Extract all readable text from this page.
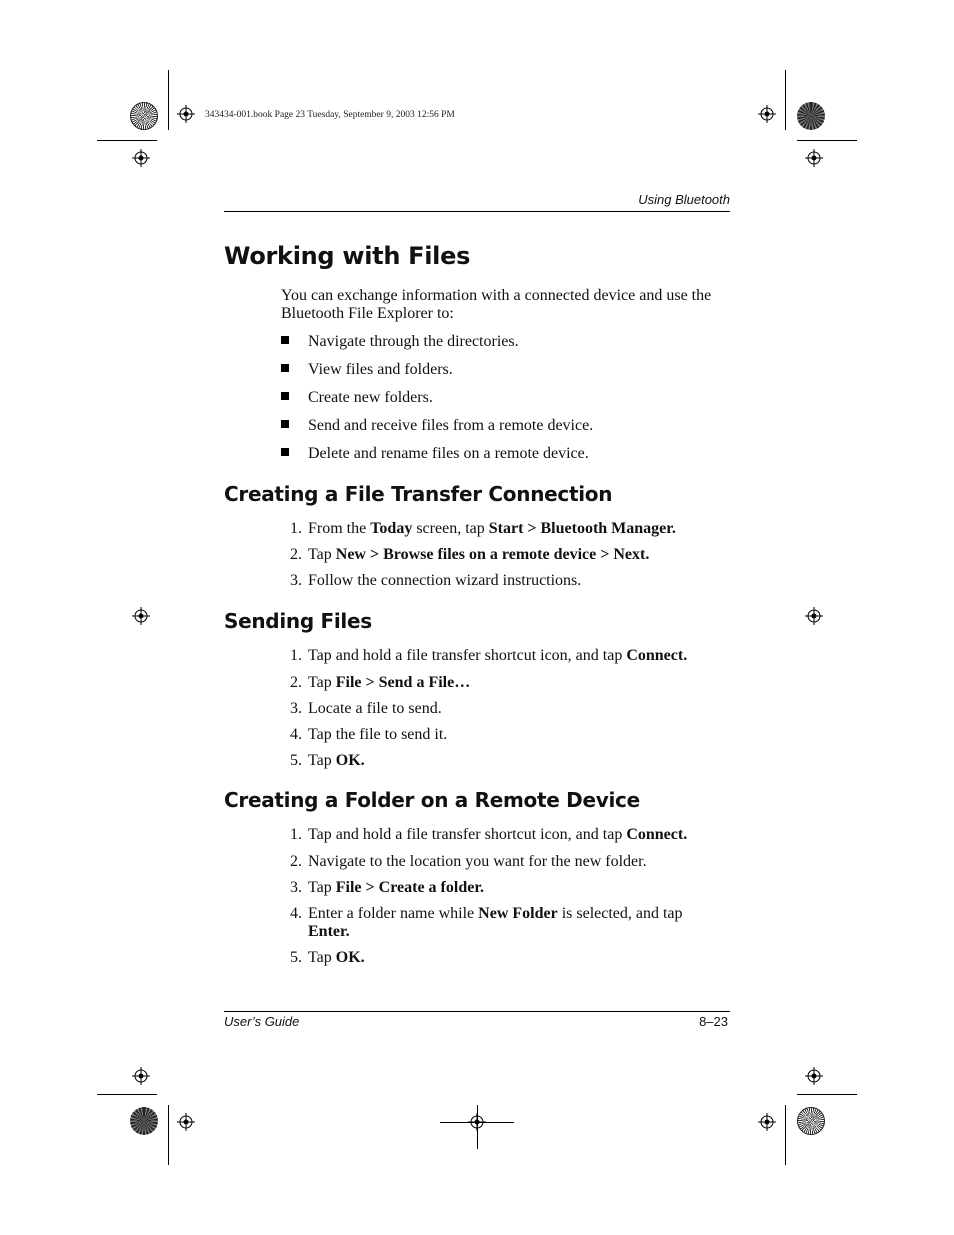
343434-001.book Page 23 Tuesday, September 9, 2003 12:56 PM
Using Bluetooth
Working with Files
You can exchange information with a connected device and use the Bluetooth File Explorer to:
Navigate through the directories.
View files and folders.
Create new folders.
Send and receive files from a remote device.
Delete and rename files on a remote device.
Creating a File Transfer Connection
1. From the Today screen, tap Start > Bluetooth Manager.
2. Tap New > Browse files on a remote device > Next.
3. Follow the connection wizard instructions.
Sending Files
1. Tap and hold a file transfer shortcut icon, and tap Connect.
2. Tap File > Send a File…
3. Locate a file to send.
4. Tap the file to send it.
5. Tap OK.
Creating a Folder on a Remote Device
1. Tap and hold a file transfer shortcut icon, and tap Connect.
2. Navigate to the location you want for the new folder.
3. Tap File > Create a folder.
4. Enter a folder name while New Folder is selected, and tap
Enter.
5. Tap OK.
User’s Guide	8–23
